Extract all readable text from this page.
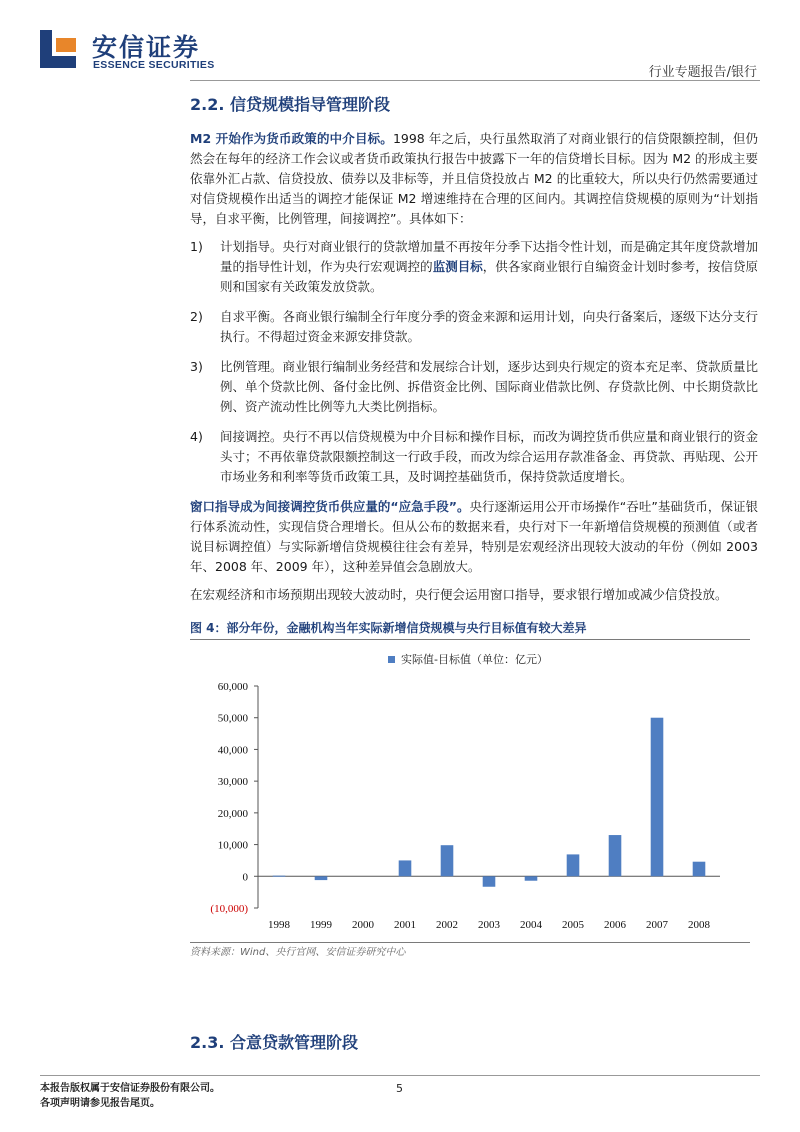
安信证券
ESSENCE SECURITIES	行业专题报告/银行
2.2. 信贷规模指导管理阶段

M2 开始作为货币政策的中介目标。1998 年之后，央行虽然取消了对商业银行的信贷限额控制，但仍然会在每年的经济工作会议或者货币政策执行报告中披露下一年的信贷增长目标。因为 M2 的形成主要依靠外汇占款、信贷投放、债券以及非标等，并且信贷投放占 M2 的比重较大，所以央行仍然需要通过对信贷规模作出适当的调控才能保证 M2 增速维持在合理的区间内。其调控信贷规模的原则为“计划指导，自求平衡，比例管理，间接调控”。具体如下：

1)	计划指导。央行对商业银行的贷款增加量不再按年分季下达指令性计划，而是确定其年度贷款增加量的指导性计划，作为央行宏观调控的监测目标，供各家商业银行自编资金计划时参考，按信贷原则和国家有关政策发放贷款。
2)	自求平衡。各商业银行编制全行年度分季的资金来源和运用计划，向央行备案后，逐级下达分支行执行。不得超过资金来源安排贷款。
3)	比例管理。商业银行编制业务经营和发展综合计划，逐步达到央行规定的资本充足率、贷款质量比例、单个贷款比例、备付金比例、拆借资金比例、国际商业借款比例、存贷款比例、中长期贷款比例、资产流动性比例等九大类比例指标。
4)	间接调控。央行不再以信贷规模为中介目标和操作目标，而改为调控货币供应量和商业银行的资金头寸；不再依靠贷款限额控制这一行政手段，而改为综合运用存款准备金、再贷款、再贴现、公开市场业务和利率等货币政策工具，及时调控基础货币，保持贷款适度增长。

窗口指导成为间接调控货币供应量的“应急手段”。央行逐渐运用公开市场操作“吞吐”基础货币，保证银行体系流动性，实现信贷合理增长。但从公布的数据来看，央行对下一年新增信贷规模的预测值（或者说目标调控值）与实际新增信贷规模往往会有差异，特别是宏观经济出现较大波动的年份（例如 2003 年、2008 年、2009 年），这种差异值会急剧放大。

在宏观经济和市场预期出现较大波动时，央行便会运用窗口指导，要求银行增加或减少信贷投放。

图 4：部分年份，金融机构当年实际新增信贷规模与央行目标值有较大差异
实际值-目标值（单位：亿元）
(10,000)
0
10,000
20,000
30,000
40,000
50,000
60,000
1998 1999 2000 2001 2002 2003 2004 2005 2006 2007 2008
资料来源：Wind、央行官网、安信证券研究中心
2.3. 合意贷款管理阶段
本报告版权属于安信证券股份有限公司。
各项声明请参见报告尾页。
5
